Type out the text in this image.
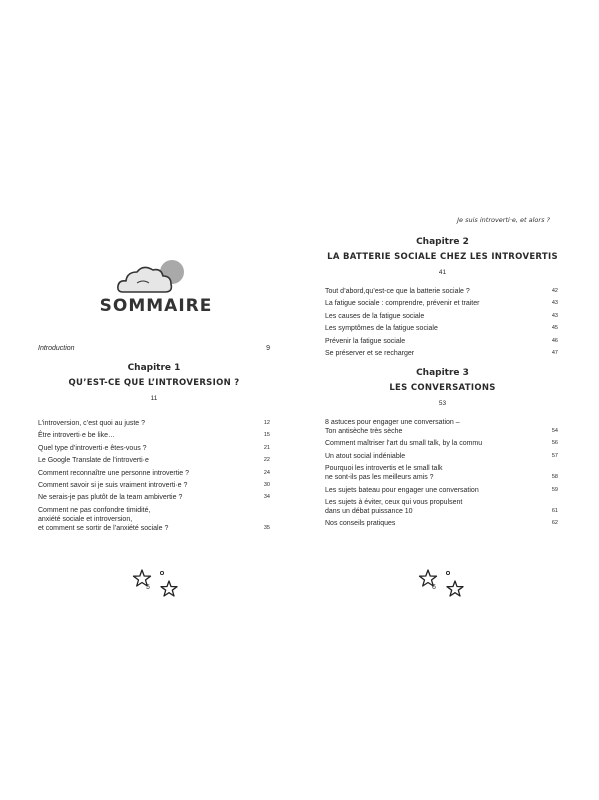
SOMMAIRE
Introduction	9
Chapitre 1
QU’EST-CE QUE L’INTROVERSION ?
11
L’introversion, c’est quoi au juste ?	12
Être introverti·e be like…	15
Quel type d’introverti·e êtes-vous ?	21
Le Google Translate de l’introverti·e	22
Comment reconnaître une personne introvertie ?	24
Comment savoir si je suis vraiment introverti·e ?	30
Ne serais-je pas plutôt de la team ambivertie ?	34
Comment ne pas confondre timidité,
anxiété sociale et introversion,
et comment se sortir de l’anxiété sociale ?	35
5
Je suis introverti·e, et alors ?
Chapitre 2
LA BATTERIE SOCIALE CHEZ LES INTROVERTIS
41
Tout d’abord,qu’est-ce que la batterie sociale ?	42
La fatigue sociale : comprendre, prévenir et traiter	43
Les causes de la fatigue sociale	43
Les symptômes de la fatigue sociale	45
Prévenir la fatigue sociale	46
Se préserver et se recharger	47
Chapitre 3
LES CONVERSATIONS
53
8 astuces pour engager une conversation –
Ton antisèche très sèche	54
Comment maîtriser l’art du small talk, by la commu	56
Un atout social indéniable	57
Pourquoi les introvertis et le small talk
ne sont-ils pas les meilleurs amis ?	58
Les sujets bateau pour engager une conversation	59
Les sujets à éviter, ceux qui vous propulsent
dans un débat puissance 10	61
Nos conseils pratiques	62
6
